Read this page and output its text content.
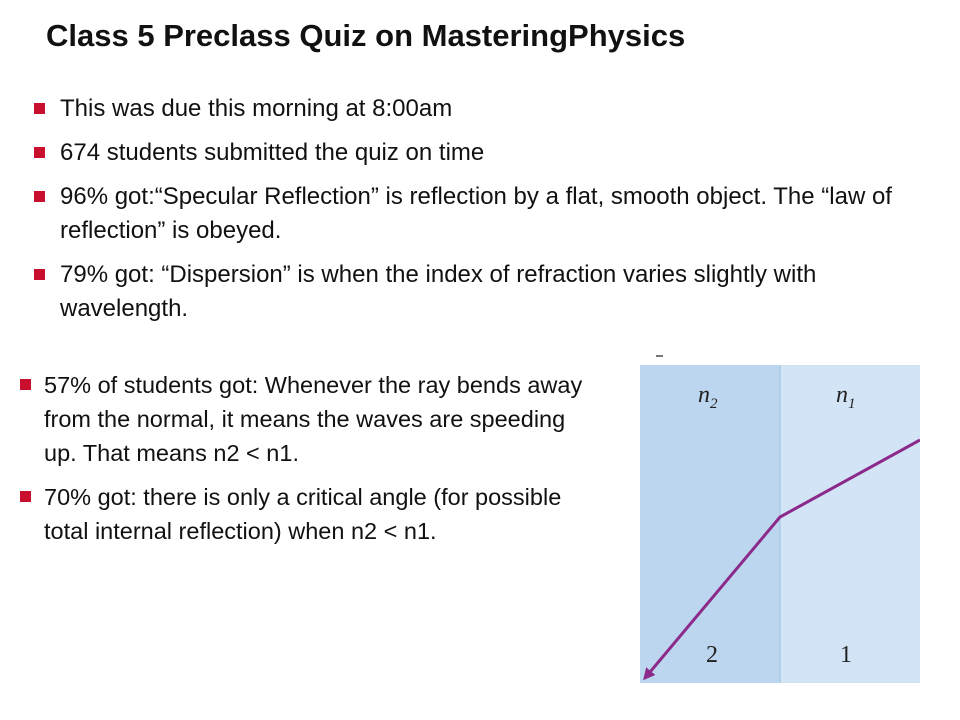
Class 5 Preclass Quiz on MasteringPhysics
This was due this morning at 8:00am
674 students submitted the quiz on time
96% got:“Specular Reflection” is reflection by a flat, smooth object. The “law of reflection” is obeyed.
79% got: “Dispersion” is when the index of refraction varies slightly with wavelength.
57% of students got: Whenever the ray bends away from the normal, it means the waves are speeding up. That means n2 < n1.
70% got: there is only a critical angle (for possible total internal reflection) when n2 < n1.
$n_2$	$n_1$
2	1
